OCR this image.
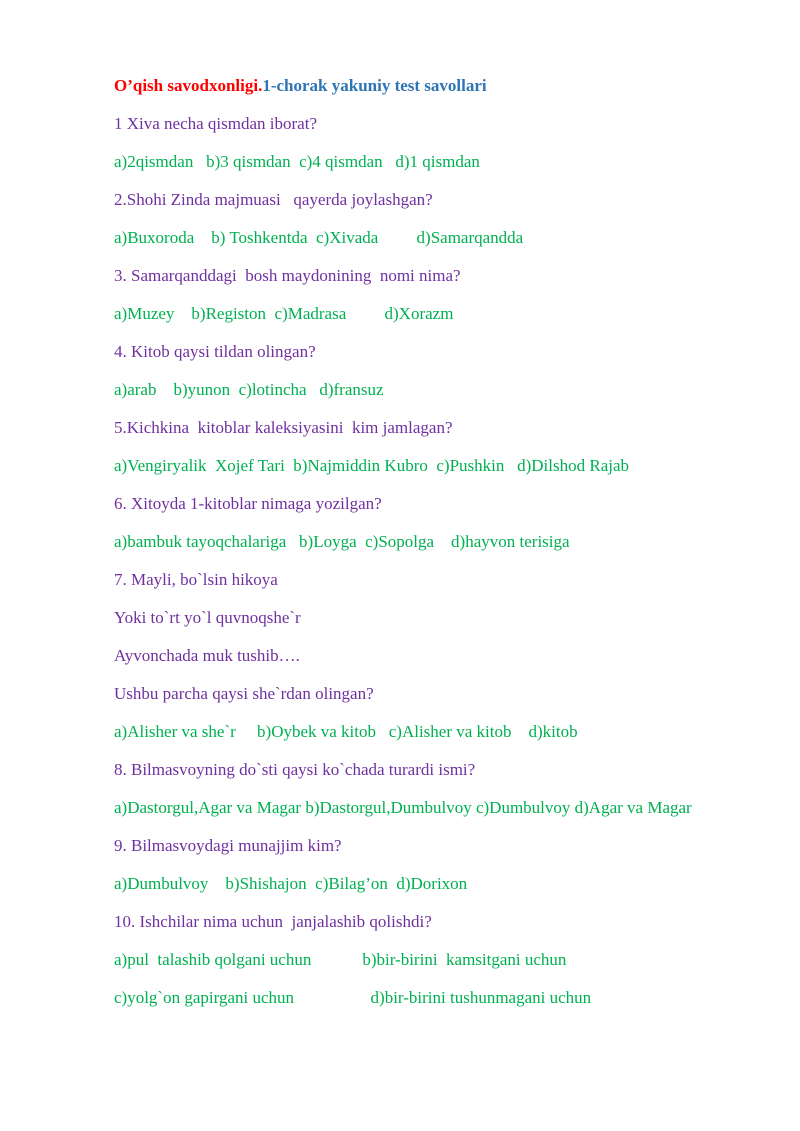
O’qish savodxonligi.1-chorak yakuniy test savollari
1 Xiva necha qismdan iborat?
a)2qismdan   b)3 qismdan  c)4 qismdan   d)1 qismdan
2.Shohi Zinda majmuasi   qayerda joylashgan?
a)Buxoroda    b) Toshkentda  c)Xivada         d)Samarqandda
3. Samarqanddagi  bosh maydonining  nomi nima?
a)Muzey    b)Registon  c)Madrasa         d)Xorazm
4. Kitob qaysi tildan olingan?
a)arab    b)yunon  c)lotincha   d)fransuz
5.Kichkina  kitoblar kaleksiyasini  kim jamlagan?
a)Vengiryalik  Xojef Tari  b)Najmiddin Kubro  c)Pushkin   d)Dilshod Rajab
6. Xitoyda 1-kitoblar nimaga yozilgan?
a)bambuk tayoqchalariga   b)Loyga  c)Sopolga    d)hayvon terisiga
7. Mayli, bo`lsin hikoya
Yoki to`rt yo`l quvnoqshe`r
Ayvonchada muk tushib….
Ushbu parcha qaysi she`rdan olingan?
a)Alisher va she`r     b)Oybek va kitob   c)Alisher va kitob    d)kitob
8. Bilmasvoyning do`sti qaysi ko`chada turardi ismi?
a)Dastorgul,Agar va Magar b)Dastorgul,Dumbulvoy c)Dumbulvoy d)Agar va Magar
9. Bilmasvoydagi munajjim kim?
a)Dumbulvoy    b)Shishajon  c)Bilag’on  d)Dorixon
10. Ishchilar nima uchun  janjalashib qolishdi?
a)pul  talashib qolgani uchun            b)bir-birini  kamsitgani uchun
c)yolg`on gapirgani uchun                  d)bir-birini tushunmagani uchun
